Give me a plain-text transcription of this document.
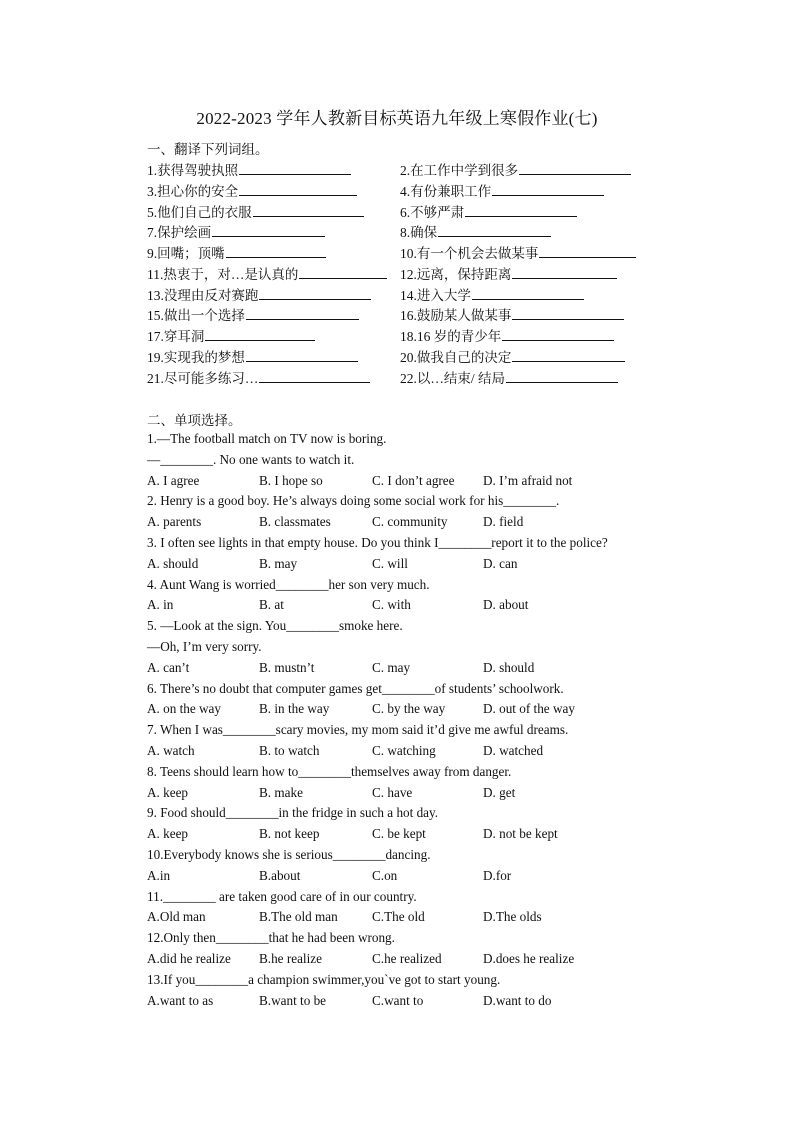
2022-2023 学年人教新目标英语九年级上寒假作业(七)
一、翻译下列词组。
1.获得驾驶执照	2.在工作中学到很多
3.担心你的安全	4.有份兼职工作
5.他们自己的衣服	6.不够严肃
7.保护绘画	8.确保
9.回嘴；顶嘴	10.有一个机会去做某事
11.热衷于，对…是认真的	12.远离，保持距离
13.没理由反对赛跑	14.进入大学
15.做出一个选择	16.鼓励某人做某事
17.穿耳洞	18.16 岁的青少年
19.实现我的梦想	20.做我自己的决定
21.尽可能多练习…	22.以…结束/ 结局
二、单项选择。
1.—The football match on TV now is boring.
—________. No one wants to watch it.
A. I agree	B. I hope so	C. I don’t agree D. I’m afraid not
2. Henry is a good boy. He’s always doing some social work for his________.
A. parents	B. classmates	C. community	D. field
3. I often see lights in that empty house. Do you think I________report it to the police?
A. should	B. may	C. will	D. can
4. Aunt Wang is worried________her son very much.
A. in	B. at	C. with	D. about
5. —Look at the sign. You________smoke here.
—Oh, I’m very sorry.
A. can’t	B. mustn’t	C. may	D. should
6. There’s no doubt that computer games get________of students’ schoolwork.
A. on the way	B. in the way	C. by the way	D. out of the way
7. When I was________scary movies, my mom said it’d give me awful dreams.
A. watch	B. to watch	C. watching	D. watched
8. Teens should learn how to________themselves away from danger.
A. keep	B. make	C. have	D. get
9. Food should________in the fridge in such a hot day.
A. keep	B. not keep	C. be kept	D. not be kept
10.Everybody knows she is serious________dancing.
A.in	B.about	C.on	D.for
11.________ are taken good care of in our country.
A.Old man	B.The old man	C.The old	D.The olds
12.Only then________that he had been wrong.
A.did he realize B.he realize	C.he realized	D.does he realize
13.If you________a champion swimmer,you`ve got to start young.
A.want to as	B.want to be	C.want to	D.want to do
